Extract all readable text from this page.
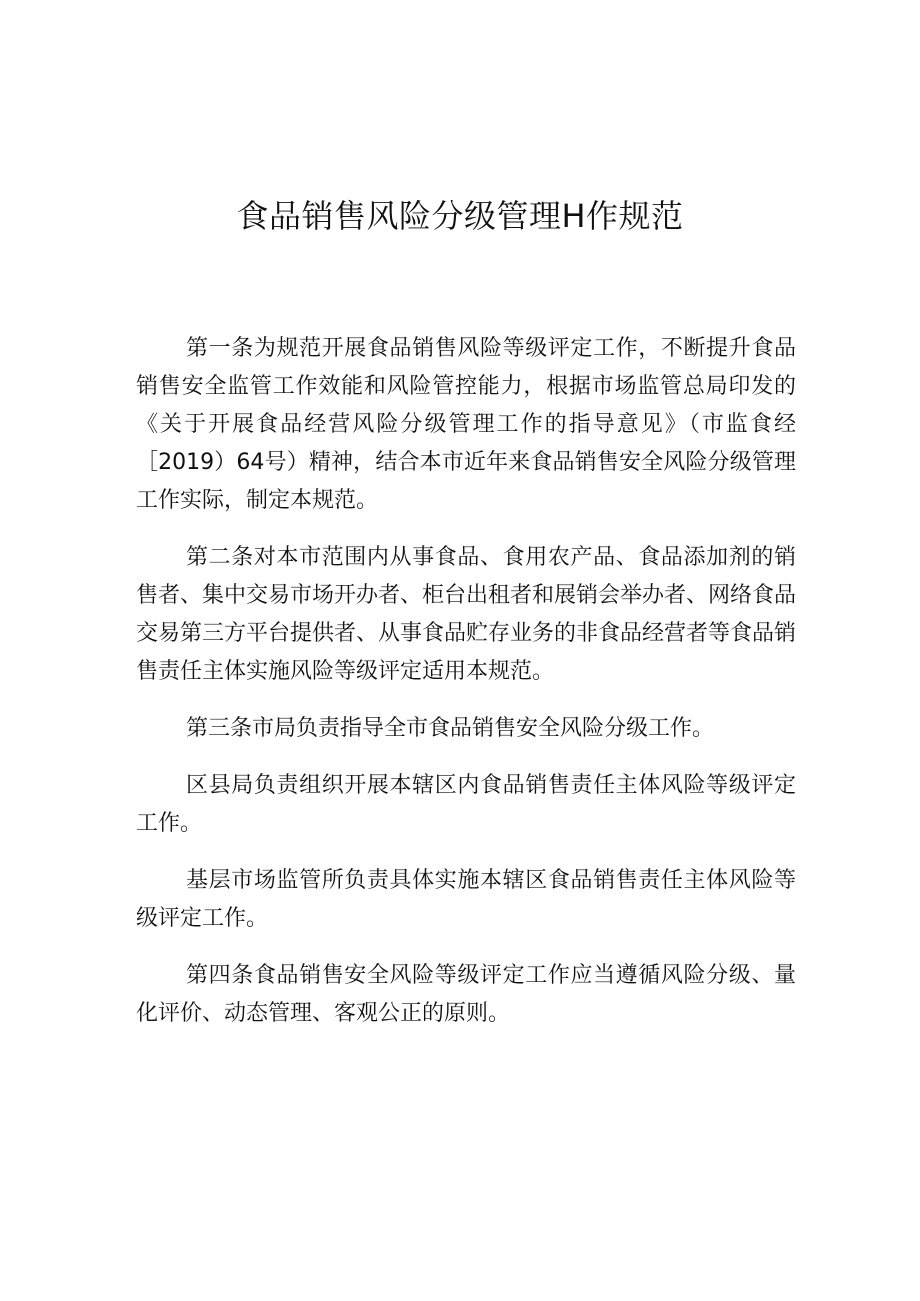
食品销售风险分级管理H作规范

第一条为规范开展食品销售风险等级评定工作，不断提升食品销售安全监管工作效能和风险管控能力，根据市场监管总局印发的《关于开展食品经营风险分级管理工作的指导意见》（市监食经［2019）64号）精神，结合本市近年来食品销售安全风险分级管理工作实际，制定本规范。

第二条对本市范围内从事食品、食用农产品、食品添加剂的销售者、集中交易市场开办者、柜台出租者和展销会举办者、网络食品交易第三方平台提供者、从事食品贮存业务的非食品经营者等食品销售责任主体实施风险等级评定适用本规范。

第三条市局负责指导全市食品销售安全风险分级工作。

区县局负责组织开展本辖区内食品销售责任主体风险等级评定工作。

基层市场监管所负责具体实施本辖区食品销售责任主体风险等级评定工作。

第四条食品销售安全风险等级评定工作应当遵循风险分级、量化评价、动态管理、客观公正的原则。
